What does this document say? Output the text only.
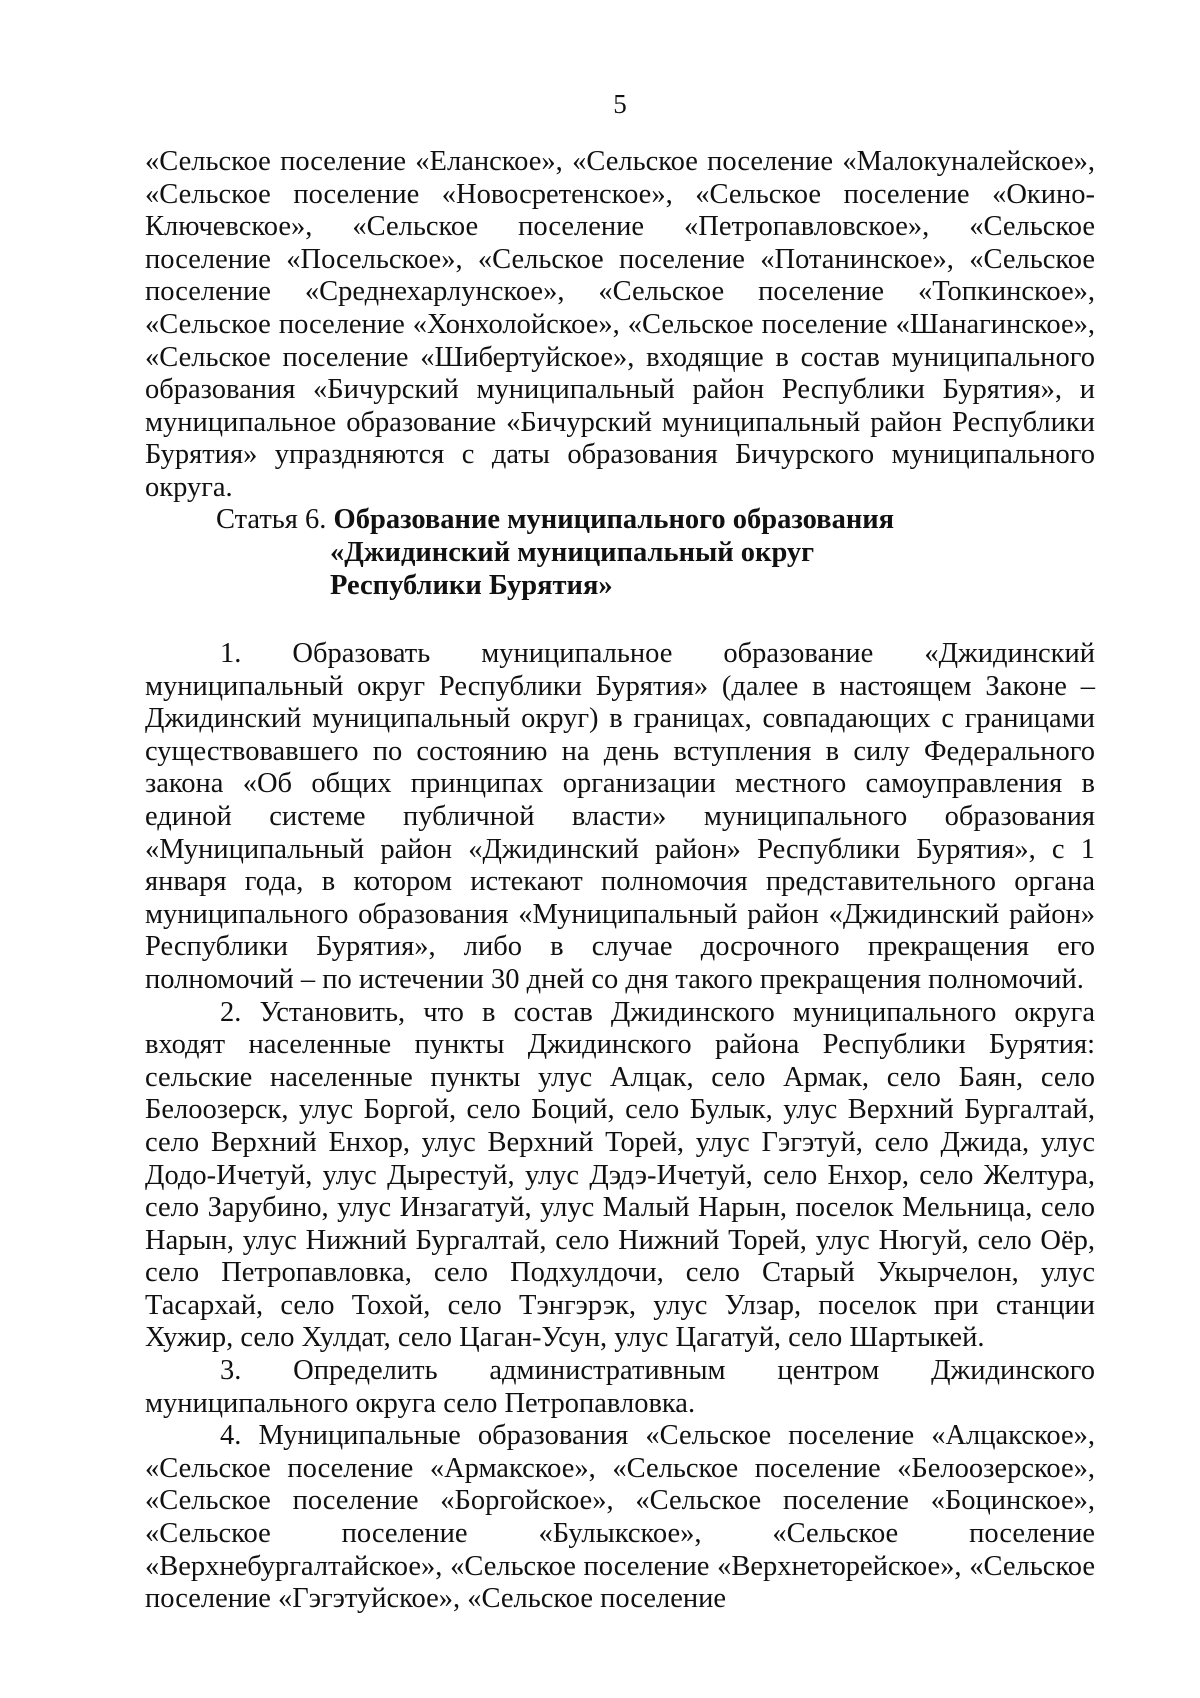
5

«Сельское поселение «Еланское», «Сельское поселение «Малокуналейское», «Сельское поселение «Новосретенское», «Сельское поселение «Окино-Ключевское», «Сельское поселение «Петропавловское», «Сельское поселение «Посельское», «Сельское поселение «Потанинское», «Сельское поселение «Среднехарлунское», «Сельское поселение «Топкинское», «Сельское поселение «Хонхолойское», «Сельское поселение «Шанагинское», «Сельское поселение «Шибертуйское», входящие в состав муниципального образования «Бичурский муниципальный район Республики Бурятия», и муниципальное образование «Бичурский муниципальный район Республики Бурятия» упраздняются с даты образования Бичурского муниципального округа.

Статья 6. Образование муниципального образования
«Джидинский муниципальный округ
Республики Бурятия»

1. Образовать муниципальное образование «Джидинский муниципальный округ Республики Бурятия» (далее в настоящем Законе – Джидинский муниципальный округ) в границах, совпадающих с границами существовавшего по состоянию на день вступления в силу Федерального закона «Об общих принципах организации местного самоуправления в единой системе публичной власти» муниципального образования «Муниципальный район «Джидинский район» Республики Бурятия», с 1 января года, в котором истекают полномочия представительного органа муниципального образования «Муниципальный район «Джидинский район» Республики Бурятия», либо в случае досрочного прекращения его полномочий – по истечении 30 дней со дня такого прекращения полномочий.

2. Установить, что в состав Джидинского муниципального округа входят населенные пункты Джидинского района Республики Бурятия: сельские населенные пункты улус Алцак, село Армак, село Баян, село Белоозерск, улус Боргой, село Боций, село Булык, улус Верхний Бургалтай, село Верхний Енхор, улус Верхний Торей, улус Гэгэтуй, село Джида, улус Додо-Ичетуй, улус Дырестуй, улус Дэдэ-Ичетуй, село Енхор, село Желтура, село Зарубино, улус Инзагатуй, улус Малый Нарын, поселок Мельница, село Нарын, улус Нижний Бургалтай, село Нижний Торей, улус Нюгуй, село Оёр, село Петропавловка, село Подхулдочи, село Старый Укырчелон, улус Тасархай, село Тохой, село Тэнгэрэк, улус Улзар, поселок при станции Хужир, село Хулдат, село Цаган-Усун, улус Цагатуй, село Шартыкей.

3. Определить административным центром Джидинского муниципального округа село Петропавловка.

4. Муниципальные образования «Сельское поселение «Алцакское», «Сельское поселение «Армакское», «Сельское поселение «Белоозерское», «Сельское поселение «Боргойское», «Сельское поселение «Боцинское», «Сельское поселение «Булыкское», «Сельское поселение «Верхнебургалтайское», «Сельское поселение «Верхнеторейское», «Сельское поселение «Гэгэтуйское», «Сельское поселение
